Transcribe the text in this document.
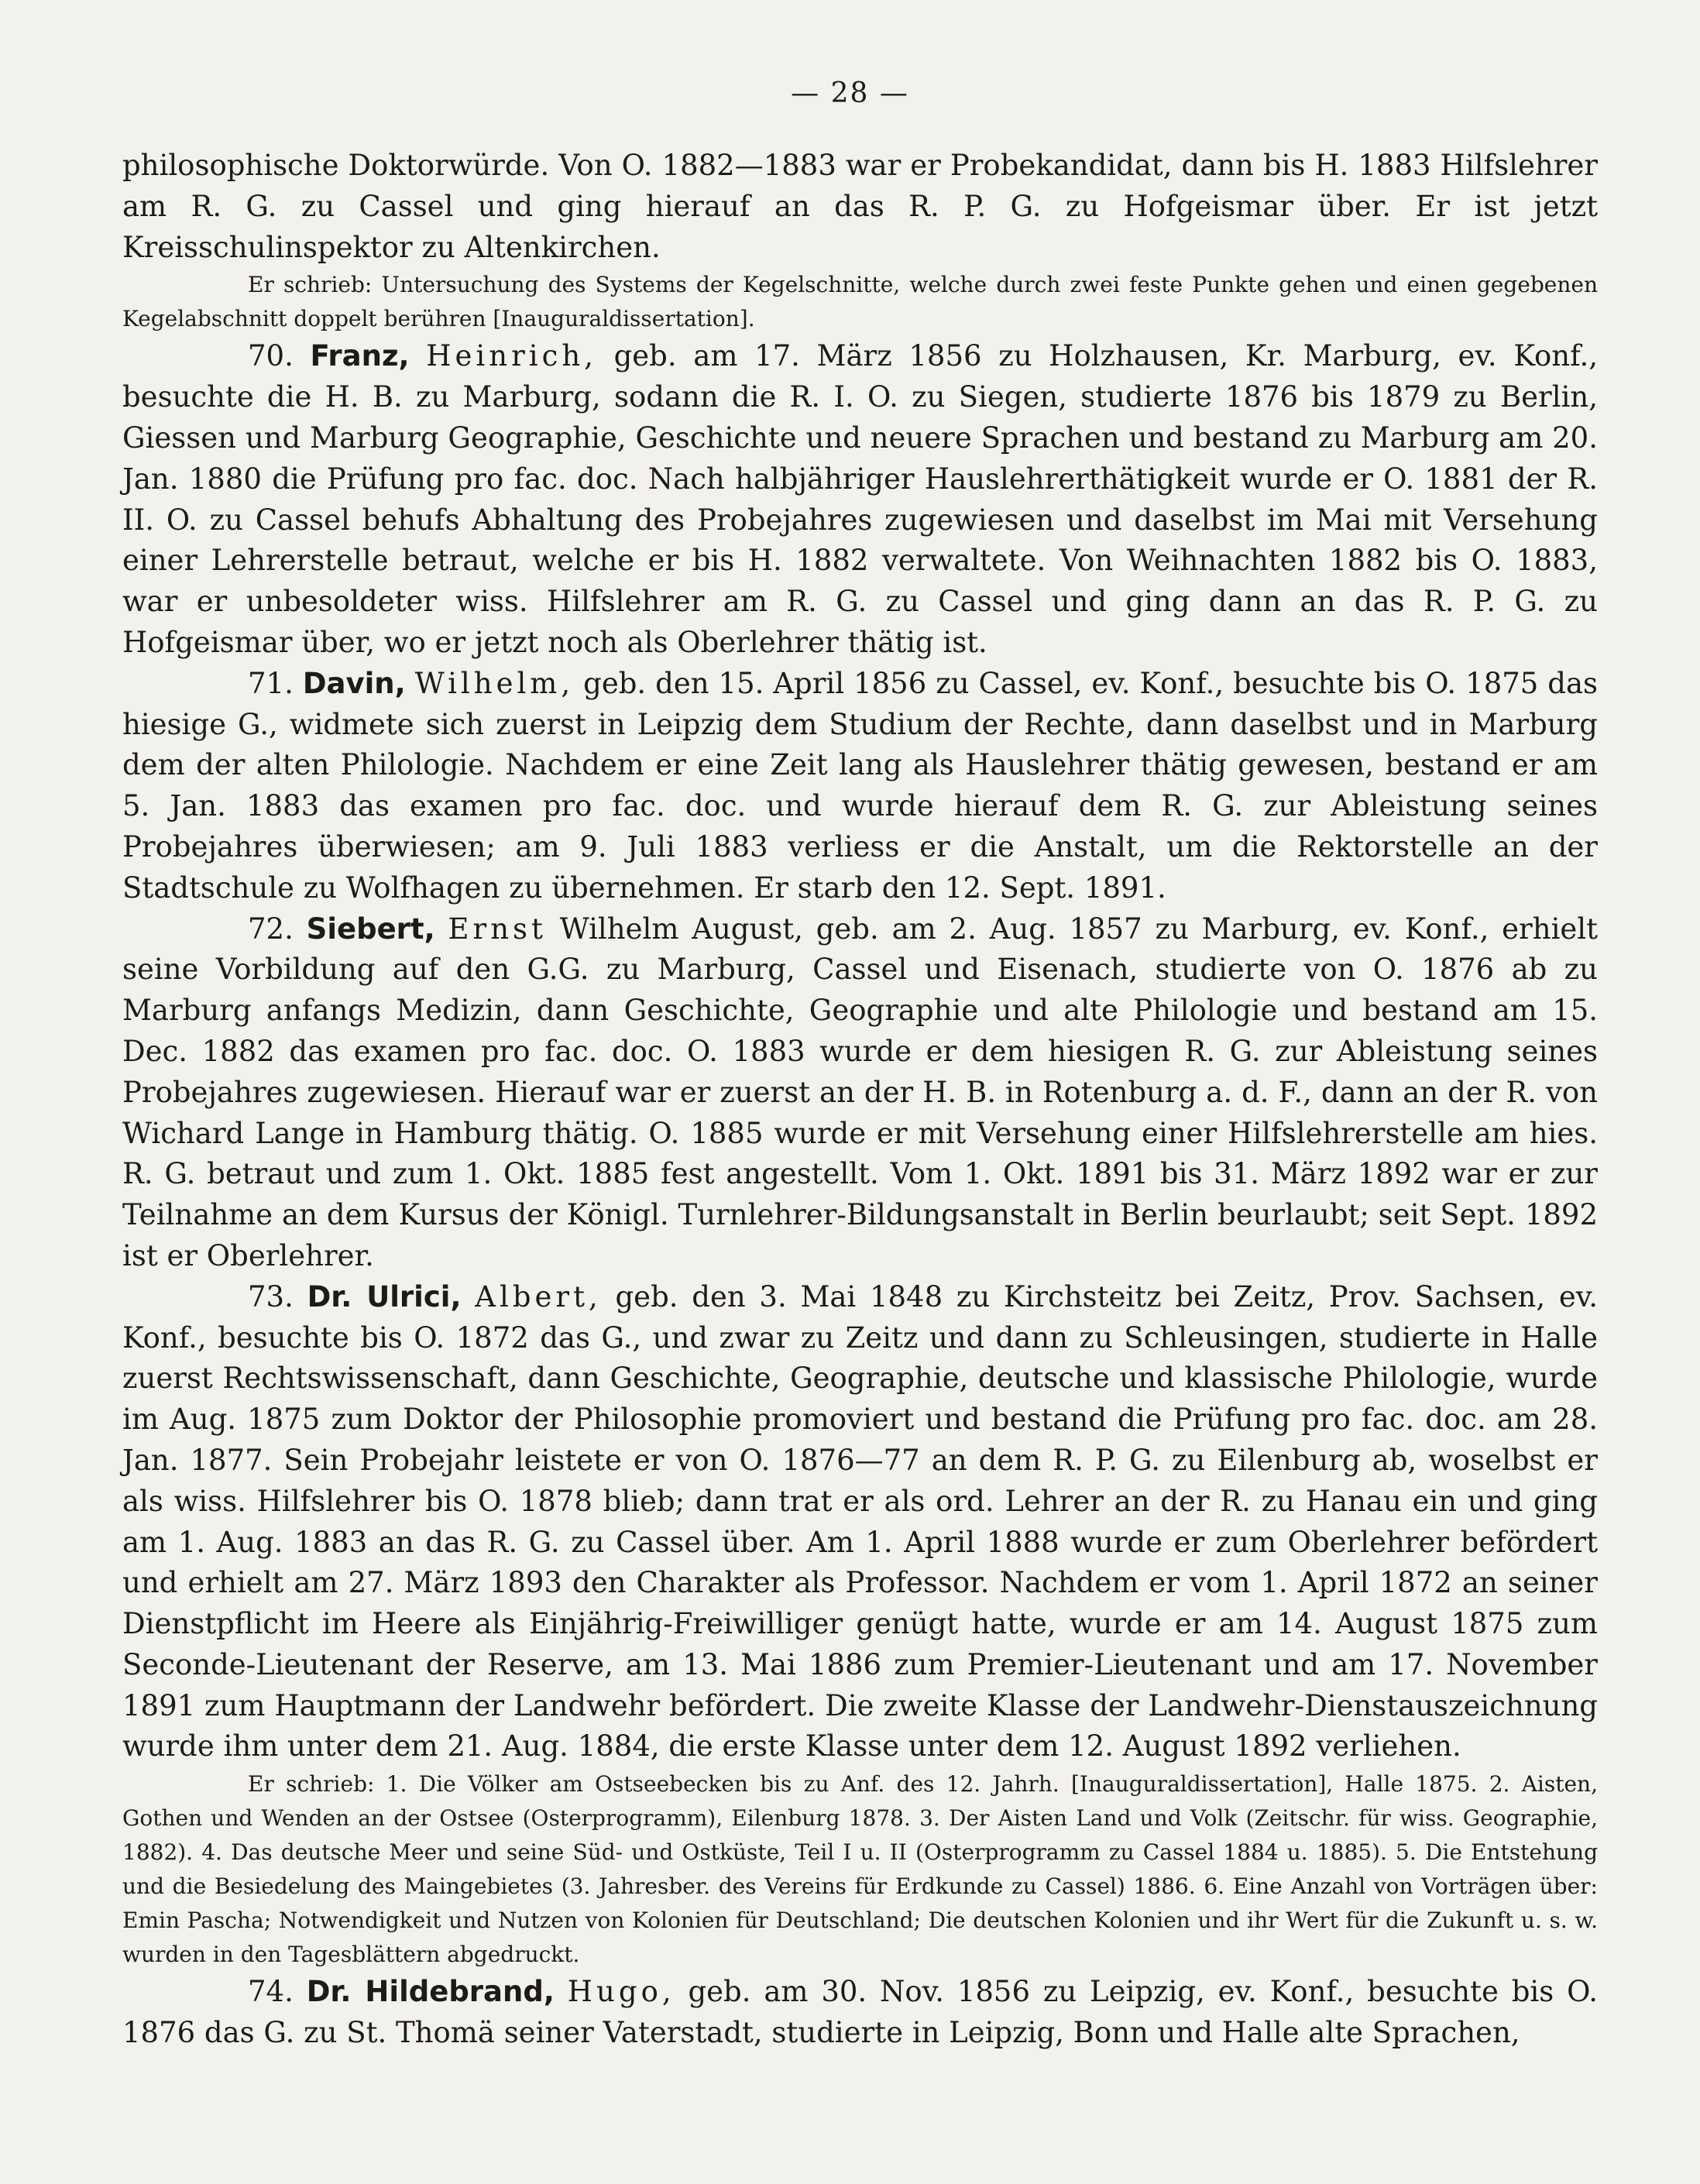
— 28 —

philosophische Doktorwürde. Von O. 1882—1883 war er Probekandidat, dann bis H. 1883 Hilfslehrer am R. G. zu Cassel und ging hierauf an das R. P. G. zu Hofgeismar über. Er ist jetzt Kreisschulinspektor zu Altenkirchen.

Er schrieb: Untersuchung des Systems der Kegelschnitte, welche durch zwei feste Punkte gehen und einen gegebenen Kegelabschnitt doppelt berühren [Inauguraldissertation].

70. Franz, Heinrich, geb. am 17. März 1856 zu Holzhausen, Kr. Marburg, ev. Konf., besuchte die H. B. zu Marburg, sodann die R. I. O. zu Siegen, studierte 1876 bis 1879 zu Berlin, Giessen und Marburg Geographie, Geschichte und neuere Sprachen und bestand zu Marburg am 20. Jan. 1880 die Prüfung pro fac. doc. Nach halbjähriger Hauslehrerthätigkeit wurde er O. 1881 der R. II. O. zu Cassel behufs Abhaltung des Probejahres zugewiesen und daselbst im Mai mit Versehung einer Lehrerstelle betraut, welche er bis H. 1882 verwaltete. Von Weihnachten 1882 bis O. 1883, war er unbesoldeter wiss. Hilfslehrer am R. G. zu Cassel und ging dann an das R. P. G. zu Hofgeismar über, wo er jetzt noch als Oberlehrer thätig ist.

71. Davin, Wilhelm, geb. den 15. April 1856 zu Cassel, ev. Konf., besuchte bis O. 1875 das hiesige G., widmete sich zuerst in Leipzig dem Studium der Rechte, dann daselbst und in Marburg dem der alten Philologie. Nachdem er eine Zeit lang als Hauslehrer thätig gewesen, bestand er am 5. Jan. 1883 das examen pro fac. doc. und wurde hierauf dem R. G. zur Ableistung seines Probejahres überwiesen; am 9. Juli 1883 verliess er die Anstalt, um die Rektorstelle an der Stadtschule zu Wolfhagen zu übernehmen. Er starb den 12. Sept. 1891.

72. Siebert, Ernst Wilhelm August, geb. am 2. Aug. 1857 zu Marburg, ev. Konf., erhielt seine Vorbildung auf den G.G. zu Marburg, Cassel und Eisenach, studierte von O. 1876 ab zu Marburg anfangs Medizin, dann Geschichte, Geographie und alte Philologie und bestand am 15. Dec. 1882 das examen pro fac. doc. O. 1883 wurde er dem hiesigen R. G. zur Ableistung seines Probejahres zugewiesen. Hierauf war er zuerst an der H. B. in Rotenburg a. d. F., dann an der R. von Wichard Lange in Hamburg thätig. O. 1885 wurde er mit Versehung einer Hilfslehrerstelle am hies. R. G. betraut und zum 1. Okt. 1885 fest angestellt. Vom 1. Okt. 1891 bis 31. März 1892 war er zur Teilnahme an dem Kursus der Königl. Turnlehrer-Bildungsanstalt in Berlin beurlaubt; seit Sept. 1892 ist er Oberlehrer.

73. Dr. Ulrici, Albert, geb. den 3. Mai 1848 zu Kirchsteitz bei Zeitz, Prov. Sachsen, ev. Konf., besuchte bis O. 1872 das G., und zwar zu Zeitz und dann zu Schleusingen, studierte in Halle zuerst Rechtswissenschaft, dann Geschichte, Geographie, deutsche und klassische Philologie, wurde im Aug. 1875 zum Doktor der Philosophie promoviert und bestand die Prüfung pro fac. doc. am 28. Jan. 1877. Sein Probejahr leistete er von O. 1876—77 an dem R. P. G. zu Eilenburg ab, woselbst er als wiss. Hilfslehrer bis O. 1878 blieb; dann trat er als ord. Lehrer an der R. zu Hanau ein und ging am 1. Aug. 1883 an das R. G. zu Cassel über. Am 1. April 1888 wurde er zum Oberlehrer befördert und erhielt am 27. März 1893 den Charakter als Professor. Nachdem er vom 1. April 1872 an seiner Dienstpflicht im Heere als Einjährig-Freiwilliger genügt hatte, wurde er am 14. August 1875 zum Seconde-Lieutenant der Reserve, am 13. Mai 1886 zum Premier-Lieutenant und am 17. November 1891 zum Hauptmann der Landwehr befördert. Die zweite Klasse der Landwehr-Dienstauszeichnung wurde ihm unter dem 21. Aug. 1884, die erste Klasse unter dem 12. August 1892 verliehen.

Er schrieb: 1. Die Völker am Ostseebecken bis zu Anf. des 12. Jahrh. [Inauguraldissertation], Halle 1875. 2. Aisten, Gothen und Wenden an der Ostsee (Osterprogramm), Eilenburg 1878. 3. Der Aisten Land und Volk (Zeitschr. für wiss. Geographie, 1882). 4. Das deutsche Meer und seine Süd- und Ostküste, Teil I u. II (Osterprogramm zu Cassel 1884 u. 1885). 5. Die Entstehung und die Besiedelung des Maingebietes (3. Jahresber. des Vereins für Erdkunde zu Cassel) 1886. 6. Eine Anzahl von Vorträgen über: Emin Pascha; Notwendigkeit und Nutzen von Kolonien für Deutschland; Die deutschen Kolonien und ihr Wert für die Zukunft u. s. w. wurden in den Tagesblättern abgedruckt.

74. Dr. Hildebrand, Hugo, geb. am 30. Nov. 1856 zu Leipzig, ev. Konf., besuchte bis O. 1876 das G. zu St. Thomä seiner Vaterstadt, studierte in Leipzig, Bonn und Halle alte Sprachen,
